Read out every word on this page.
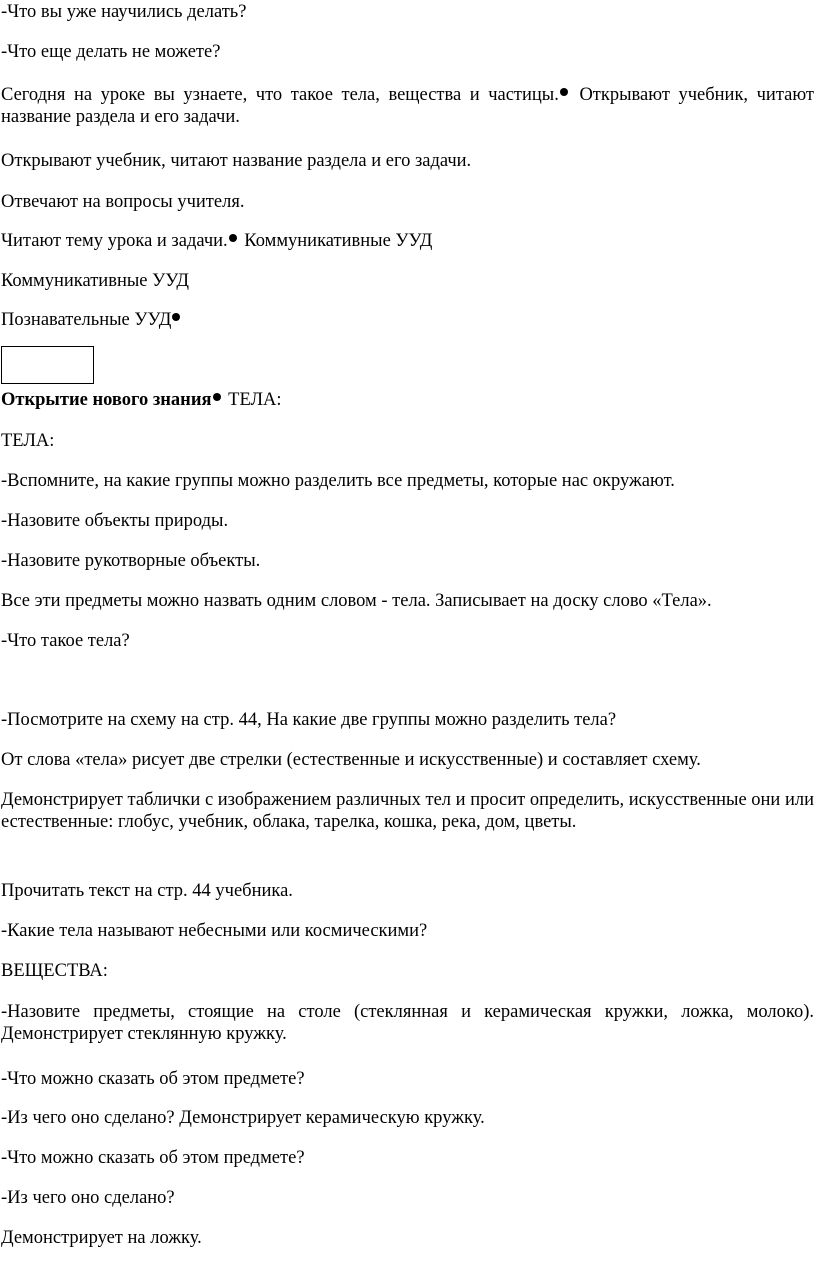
-Что вы уже научились делать?

-Что еще делать не можете?

Сегодня на уроке вы узнаете, что такое тела, вещества и частицы. Открывают учебник, читают название раздела и его задачи.

Открывают учебник, читают название раздела и его задачи.

Отвечают на вопросы учителя.

Читают тему урока и задачи. Коммуникативные УУД

Коммуникативные УУД

Познавательные УУД

Открытие нового знания ТЕЛА:

ТЕЛА:

-Вспомните, на какие группы можно разделить все предметы, которые нас окружают.

-Назовите объекты природы.

-Назовите рукотворные объекты.

Все эти предметы можно назвать одним словом - тела. Записывает на доску слово «Тела».

-Что такое тела?

-Посмотрите на схему на стр. 44, На какие две группы можно разделить тела?

От слова «тела» рисует две стрелки (естественные и искусственные) и составляет схему.

Демонстрирует таблички с изображением различных тел и просит определить, искусственные они или естественные: глобус, учебник, облака, тарелка, кошка, река, дом, цветы.

Прочитать текст на стр. 44 учебника.

-Какие тела называют небесными или космическими?

ВЕЩЕСТВА:

-Назовите предметы, стоящие на столе (стеклянная и керамическая кружки, ложка, молоко). Демонстрирует стеклянную кружку.

-Что можно сказать об этом предмете?

-Из чего оно сделано? Демонстрирует керамическую кружку.

-Что можно сказать об этом предмете?

-Из чего оно сделано?

Демонстрирует на ложку.
